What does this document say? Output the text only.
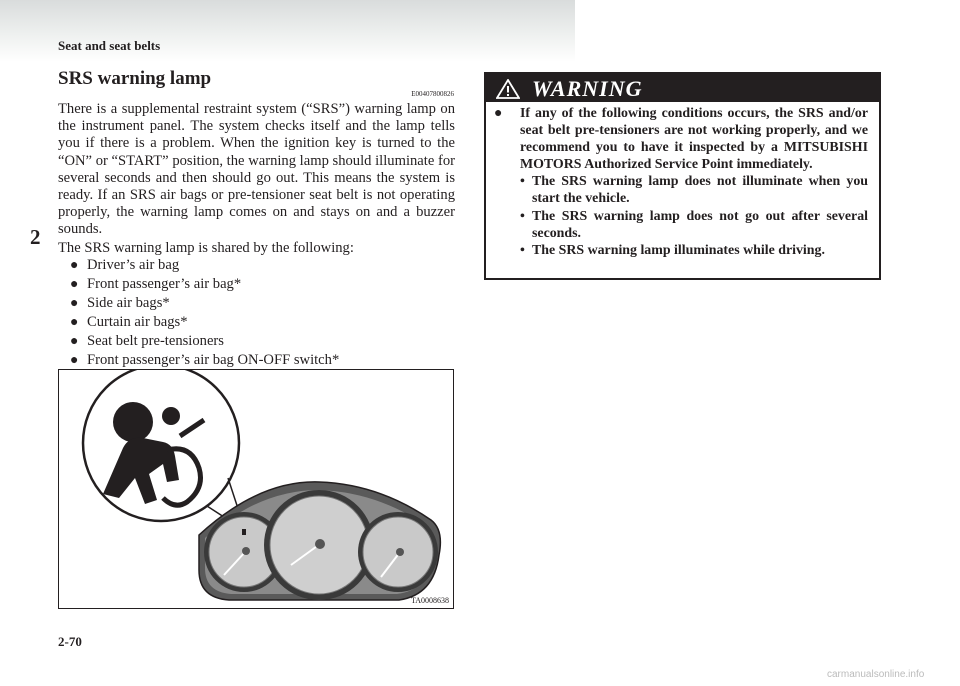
Seat and seat belts
2
SRS warning lamp
E00407800826

There is a supplemental restraint system (“SRS”) warning lamp on the instrument panel. The system checks itself and the lamp tells you if there is a problem. When the ignition key is turned to the “ON” or “START” position, the warning lamp should illuminate for several seconds and then should go out. This means the system is ready. If an SRS air bags or pre-tensioner seat belt is not operating properly, the warning lamp comes on and stays on and a buzzer sounds.

The SRS warning lamp is shared by the following:

● Driver’s air bag
● Front passenger’s air bag*
● Side air bags*
● Curtain air bags*
● Seat belt pre-tensioners
● Front passenger’s air bag ON-OFF switch*
TA0008638
WARNING
●	If any of the following conditions occurs, the SRS and/or seat belt pre-tensioners are not working properly, and we recommend you to have it inspected by a MITSUBISHI MOTORS Authorized Service Point immediately.
• The SRS warning lamp does not illuminate when you start the vehicle.
• The SRS warning lamp does not go out after several seconds.
• The SRS warning lamp illuminates while driving.
2-70
carmanualsonline.info
